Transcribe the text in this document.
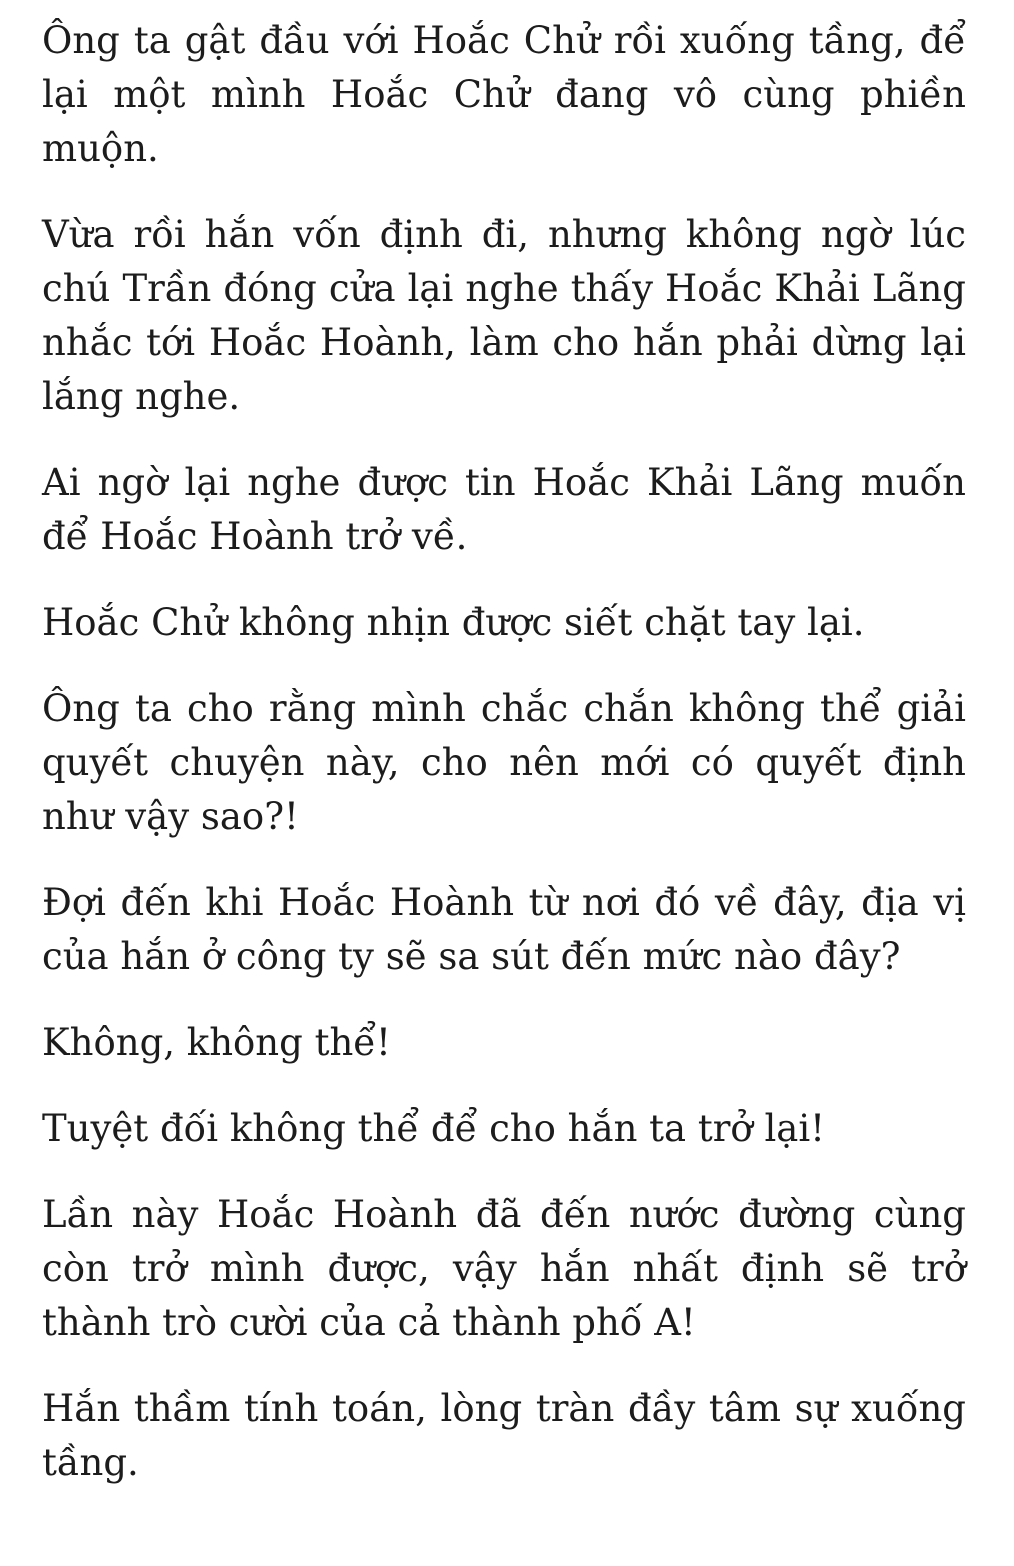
Ông ta gật đầu với Hoắc Chử rồi xuống tầng, để lại một mình Hoắc Chử đang vô cùng phiền muộn.

Vừa rồi hắn vốn định đi, nhưng không ngờ lúc chú Trần đóng cửa lại nghe thấy Hoắc Khải Lãng nhắc tới Hoắc Hoành, làm cho hắn phải dừng lại lắng nghe.

Ai ngờ lại nghe được tin Hoắc Khải Lãng muốn để Hoắc Hoành trở về.

Hoắc Chử không nhịn được siết chặt tay lại.

Ông ta cho rằng mình chắc chắn không thể giải quyết chuyện này, cho nên mới có quyết định như vậy sao?!

Đợi đến khi Hoắc Hoành từ nơi đó về đây, địa vị của hắn ở công ty sẽ sa sút đến mức nào đây?

Không, không thể!

Tuyệt đối không thể để cho hắn ta trở lại!

Lần này Hoắc Hoành đã đến nước đường cùng còn trở mình được, vậy hắn nhất định sẽ trở thành trò cười của cả thành phố A!

Hắn thầm tính toán, lòng tràn đầy tâm sự xuống tầng.
